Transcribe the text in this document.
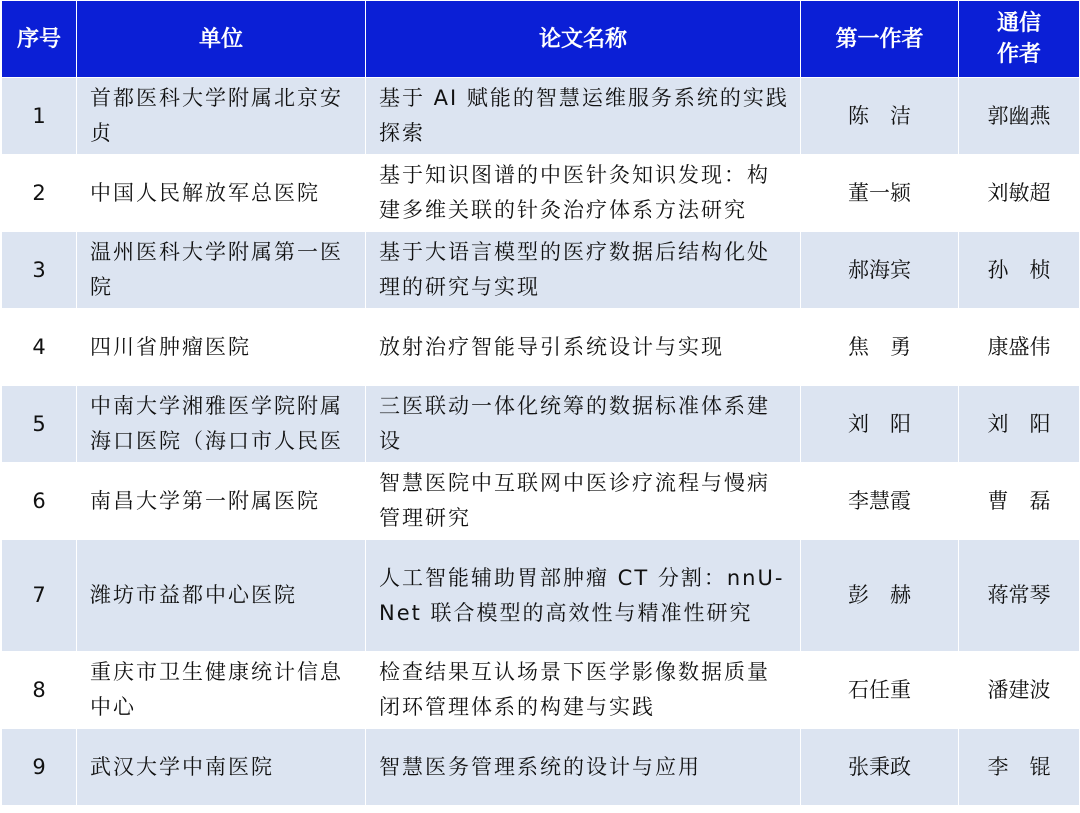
序号	单位	论文名称	第一作者	通信作者
1	首都医科大学附属北京安贞	基于 AI 赋能的智慧运维服务系统的实践探索	陈　洁	郭幽燕
2	中国人民解放军总医院	基于知识图谱的中医针灸知识发现：构建多维关联的针灸治疗体系方法研究	董一颍	刘敏超
3	温州医科大学附属第一医院	基于大语言模型的医疗数据后结构化处理的研究与实现	郝海宾	孙　桢
4	四川省肿瘤医院	放射治疗智能导引系统设计与实现	焦　勇	康盛伟
5	中南大学湘雅医学院附属海口医院（海口市人民医	三医联动一体化统筹的数据标准体系建设	刘　阳	刘　阳
6	南昌大学第一附属医院	智慧医院中互联网中医诊疗流程与慢病管理研究	李慧霞	曹　磊
7	潍坊市益都中心医院	人工智能辅助胃部肿瘤 CT 分割：nnU-Net 联合模型的高效性与精准性研究	彭　赫	蒋常琴
8	重庆市卫生健康统计信息中心	检查结果互认场景下医学影像数据质量闭环管理体系的构建与实践	石任重	潘建波
9	武汉大学中南医院	智慧医务管理系统的设计与应用	张秉政	李　锟
